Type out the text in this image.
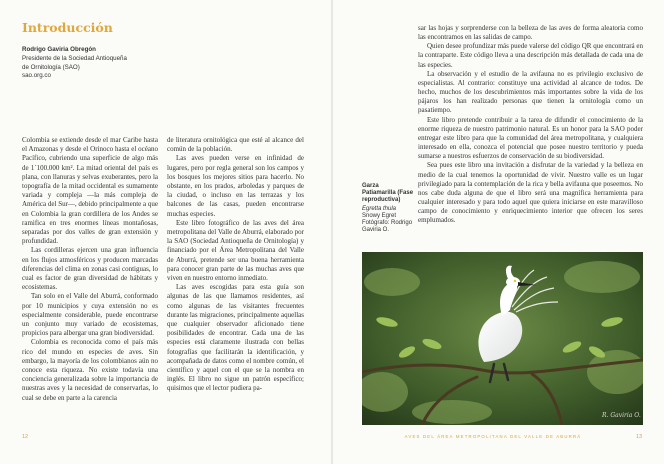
Introducción
Rodrigo Gaviria Obregón
Presidente de la Sociedad Antioqueña
de Ornitología (SAO)
sao.org.co

Colombia se extiende desde el mar Caribe hasta el Amazonas y desde el Orinoco hasta el océano Pacífico, cubriendo una superficie de algo más de 1´100.000 km². La mitad oriental del país es plana, con llanuras y selvas exuberantes, pero la topografía de la mitad occidental es sumamente variada y compleja —la más compleja de América del Sur—, debido principalmente a que en Colombia la gran cordillera de los Andes se ramifica en tres enormes líneas montañosas, separadas por dos valles de gran extensión y profundidad.

Las cordilleras ejercen una gran influencia en los flujos atmosféricos y producen marcadas diferencias del clima en zonas casi contiguas, lo cual es factor de gran diversidad de hábitats y ecosistemas.

Tan solo en el Valle del Aburrá, conformado por 10 municipios y cuya extensión no es especialmente considerable, puede encontrarse un conjunto muy variado de ecosistemas, propicios para albergar una gran biodiversidad.

Colombia es reconocida como el país más rico del mundo en especies de aves. Sin embargo, la mayoría de los colombianos aún no conoce esta riqueza. No existe todavía una conciencia generalizada sobre la importancia de nuestras aves y la necesidad de conservarlas, lo cual se debe en parte a la carencia

de literatura ornitológica que esté al alcance del común de la población.

Las aves pueden verse en infinidad de lugares, pero por regla general son los campos y los bosques los mejores sitios para hacerlo. No obstante, en los prados, arboledas y parques de la ciudad, o incluso en las terrazas y los balcones de las casas, pueden encontrarse muchas especies.

Este libro fotográfico de las aves del área metropolitana del Valle de Aburrá, elaborado por la SAO (Sociedad Antioqueña de Ornitología) y financiado por el Área Metropolitana del Valle de Aburrá, pretende ser una buena herramienta para conocer gran parte de las muchas aves que viven en nuestro entorno inmediato.

Las aves escogidas para esta guía son algunas de las que llamamos residentes, así como algunas de las visitantes frecuentes durante las migraciones, principalmente aquellas que cualquier observador aficionado tiene posibilidades de encontrar. Cada una de las especies está claramente ilustrada con bellas fotografías que facilitarán la identificación, y acompañada de datos como el nombre común, el científico y aquel con el que se la nombra en inglés. El libro no sigue un patrón específico; quisimos que el lector pudiera pa-

sar las hojas y sorprenderse con la belleza de las aves de forma aleatoria como las encontramos en las salidas de campo.

Quien desee profundizar más puede valerse del código QR que encontrará en la contraparte. Este código lleva a una descripción más detallada de cada una de las especies.

La observación y el estudio de la avifauna no es privilegio exclusivo de especialistas. Al contrario: constituye una actividad al alcance de todos. De hecho, muchos de los descubrimientos más importantes sobre la vida de los pájaros los han realizado personas que tienen la ornitología como un pasatiempo.

Este libro pretende contribuir a la tarea de difundir el conocimiento de la enorme riqueza de nuestro patrimonio natural. Es un honor para la SAO poder entregar este libro para que la comunidad del área metropolitana, y cualquiera interesado en ella, conozca el potencial que posee nuestro territorio y pueda sumarse a nuestros esfuerzos de conservación de su biodiversidad.

Sea pues este libro una invitación a disfrutar de la variedad y la belleza en medio de la cual tenemos la oportunidad de vivir. Nuestro valle es un lugar privilegiado para la contemplación de la rica y bella avifauna que poseemos. No nos cabe duda alguna de que el libro será una magnífica herramienta para cualquier interesado y para todo aquel que quiera iniciarse en este maravilloso campo de conocimiento y enriquecimiento interior que ofrecen los seres emplumados.

Garza
Patiamarilla (Fase
reproductiva)
Egretta thula
Snowy Egret
Fotógrafo: Rodrigo
Gaviria O.
R. Gaviria O.
12	AVES DEL ÁREA METROPOLITANA DEL VALLE DE ABURRÁ	13
